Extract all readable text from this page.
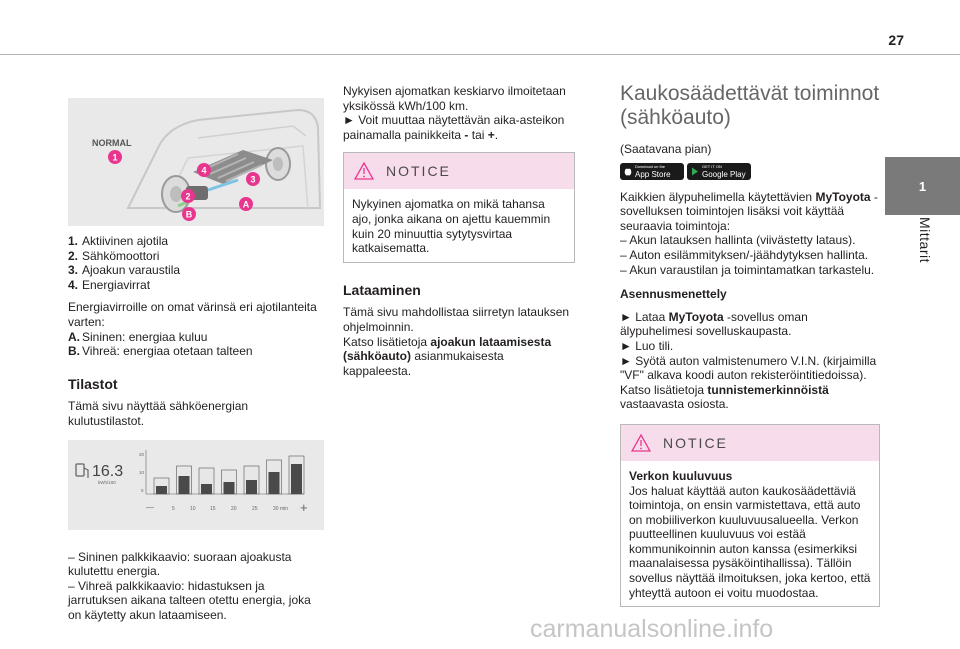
27
NORMAL
1
4
3
2
A
B
1. Aktiivinen ajotila
2. Sähkömoottori
3. Ajoakun varaustila
4. Energiavirrat

Energiavirroille on omat värinsä eri ajotilanteita varten:

A. Sininen: energiaa kuluu
B. Vihreä: energiaa otetaan talteen
Tilastot

Tämä sivu näyttää sähköenergian kulutustilastot.

16.3
kWh/100
20
10
0
—	5	10	15	20	25	30 min +

– Sininen palkkikaavio: suoraan ajoakusta kulutettu energia.

– Vihreä palkkikaavio: hidastuksen ja jarrutuksen aikana talteen otettu energia, joka on käytetty akun lataamiseen.

Nykyisen ajomatkan keskiarvo ilmoitetaan yksikössä kWh/100 km.

► Voit muuttaa näytettävän aika-asteikon painamalla painikkeita - tai +.

NOTICE
Nykyinen ajomatka on mikä tahansa ajo, jonka aikana on ajettu kauemmin kuin 20 minuuttia sytytysvirtaa katkaisematta.
Lataaminen

Tämä sivu mahdollistaa siirretyn latauksen ohjelmoinnin.

Katso lisätietoja ajoakun lataamisesta (sähköauto) asianmukaisesta kappaleesta.

Kaukosäädettävät toiminnot (sähköauto)

(Saatavana pian)

Download on the
App Store
GET IT ON
Google Play

Kaikkien älypuhelimella käytettävien MyToyota -sovelluksen toimintojen lisäksi voit käyttää seuraavia toimintoja:

– Akun latauksen hallinta (viivästetty lataus).

– Auton esilämmityksen/-jäähdytyksen hallinta.

– Akun varaustilan ja toimintamatkan tarkastelu.

Asennusmenettely

► Lataa MyToyota -sovellus oman älypuhelimesi sovelluskaupasta.

► Luo tili.

► Syötä auton valmistenumero V.I.N. (kirjaimilla "VF" alkava koodi auton rekisteröintitiedoissa).

Katso lisätietoja tunnistemerkinnöistä vastaavasta osiosta.

NOTICE
Verkon kuuluvuus

Jos haluat käyttää auton kaukosäädettäviä toimintoja, on ensin varmistettava, että auto on mobiiliverkon kuuluvuusalueella. Verkon puutteellinen kuuluvuus voi estää kommunikoinnin auton kanssa (esimerkiksi maanalaisessa pysäköintihallissa). Tällöin sovellus näyttää ilmoituksen, joka kertoo, että yhteyttä autoon ei voitu muodostaa.

1
Mittarit
carmanualsonline.info
